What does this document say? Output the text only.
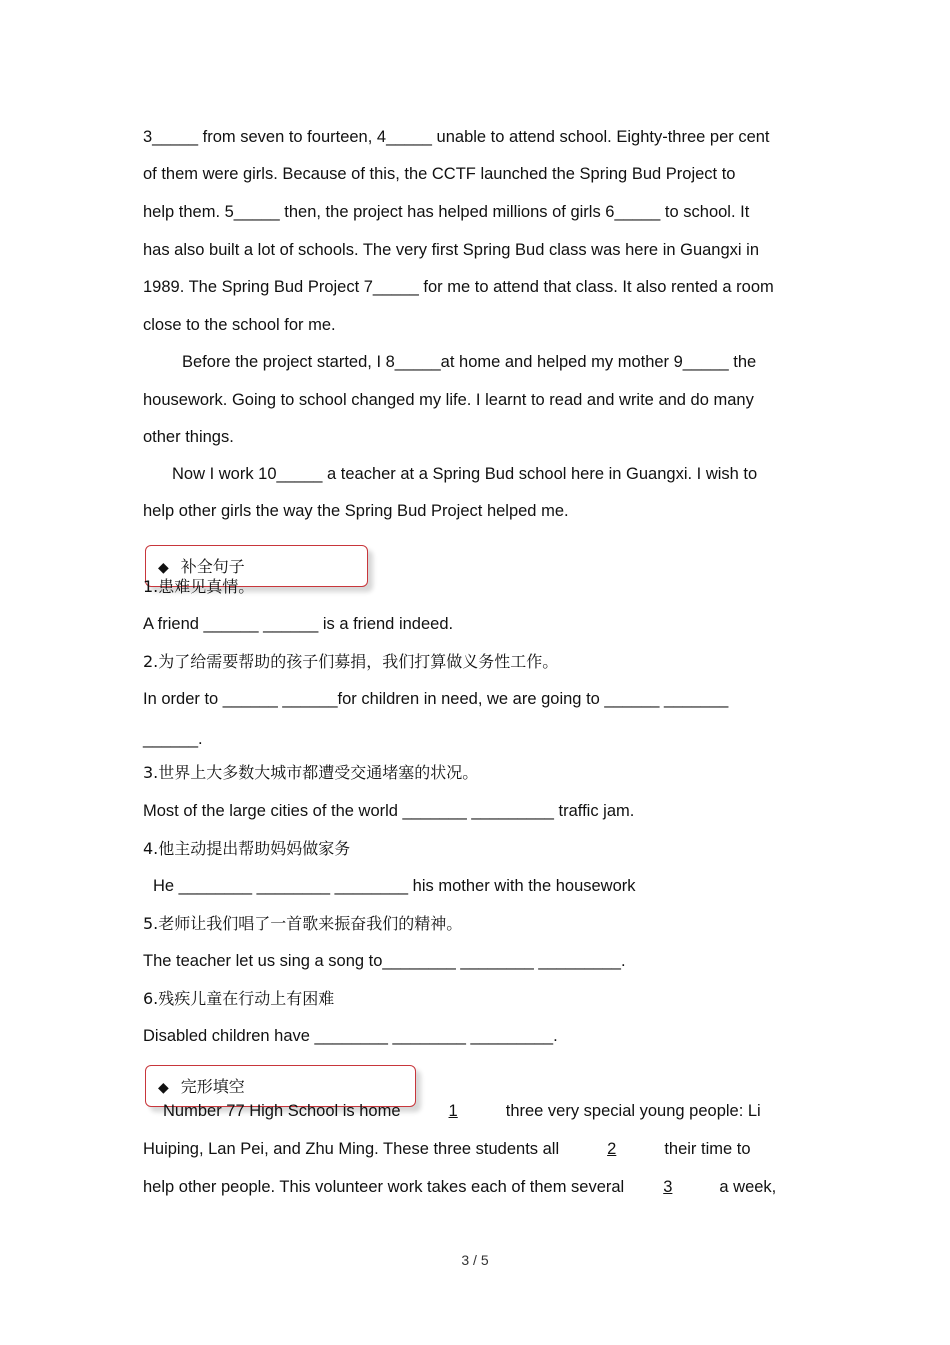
3_____ from seven to fourteen, 4_____ unable to attend school. Eighty-three per cent
of them were girls. Because of this, the CCTF launched the Spring Bud Project to
help them. 5_____ then, the project has helped millions of girls 6_____ to school. It
has also built a lot of schools. The very first Spring Bud class was here in Guangxi in
1989. The Spring Bud Project 7_____ for me to attend that class. It also rented a room
close to the school for me.
Before the project started, I 8_____at home and helped my mother 9_____ the
housework. Going to school changed my life. I learnt to read and write and do many
other things.
Now I work 10_____ a teacher at a Spring Bud school here in Guangxi. I wish to
help other girls the way the Spring Bud Project helped me.
◆ 补全句子
1.患难见真情。
A friend ______ ______ is a friend indeed.
2.为了给需要帮助的孩子们募捐，我们打算做义务性工作。
In order to ______ ______for children in need, we are going to ______ _______
______.
3.世界上大多数大城市都遭受交通堵塞的状况。
Most of the large cities of the world _______ _________ traffic jam.
4.他主动提出帮助妈妈做家务
He ________ ________ ________ his mother with the housework
5.老师让我们唱了一首歌来振奋我们的精神。
The teacher let us sing a song to________ ________ _________.
6.残疾儿童在行动上有困难
Disabled children have ________ ________ _________.
◆ 完形填空
Number 77 High School is home	1	three very special young people: Li
Huiping, Lan Pei, and Zhu Ming. These three students all	2	their time to
help other people. This volunteer work takes each of them several 3	a week,
3 / 5
